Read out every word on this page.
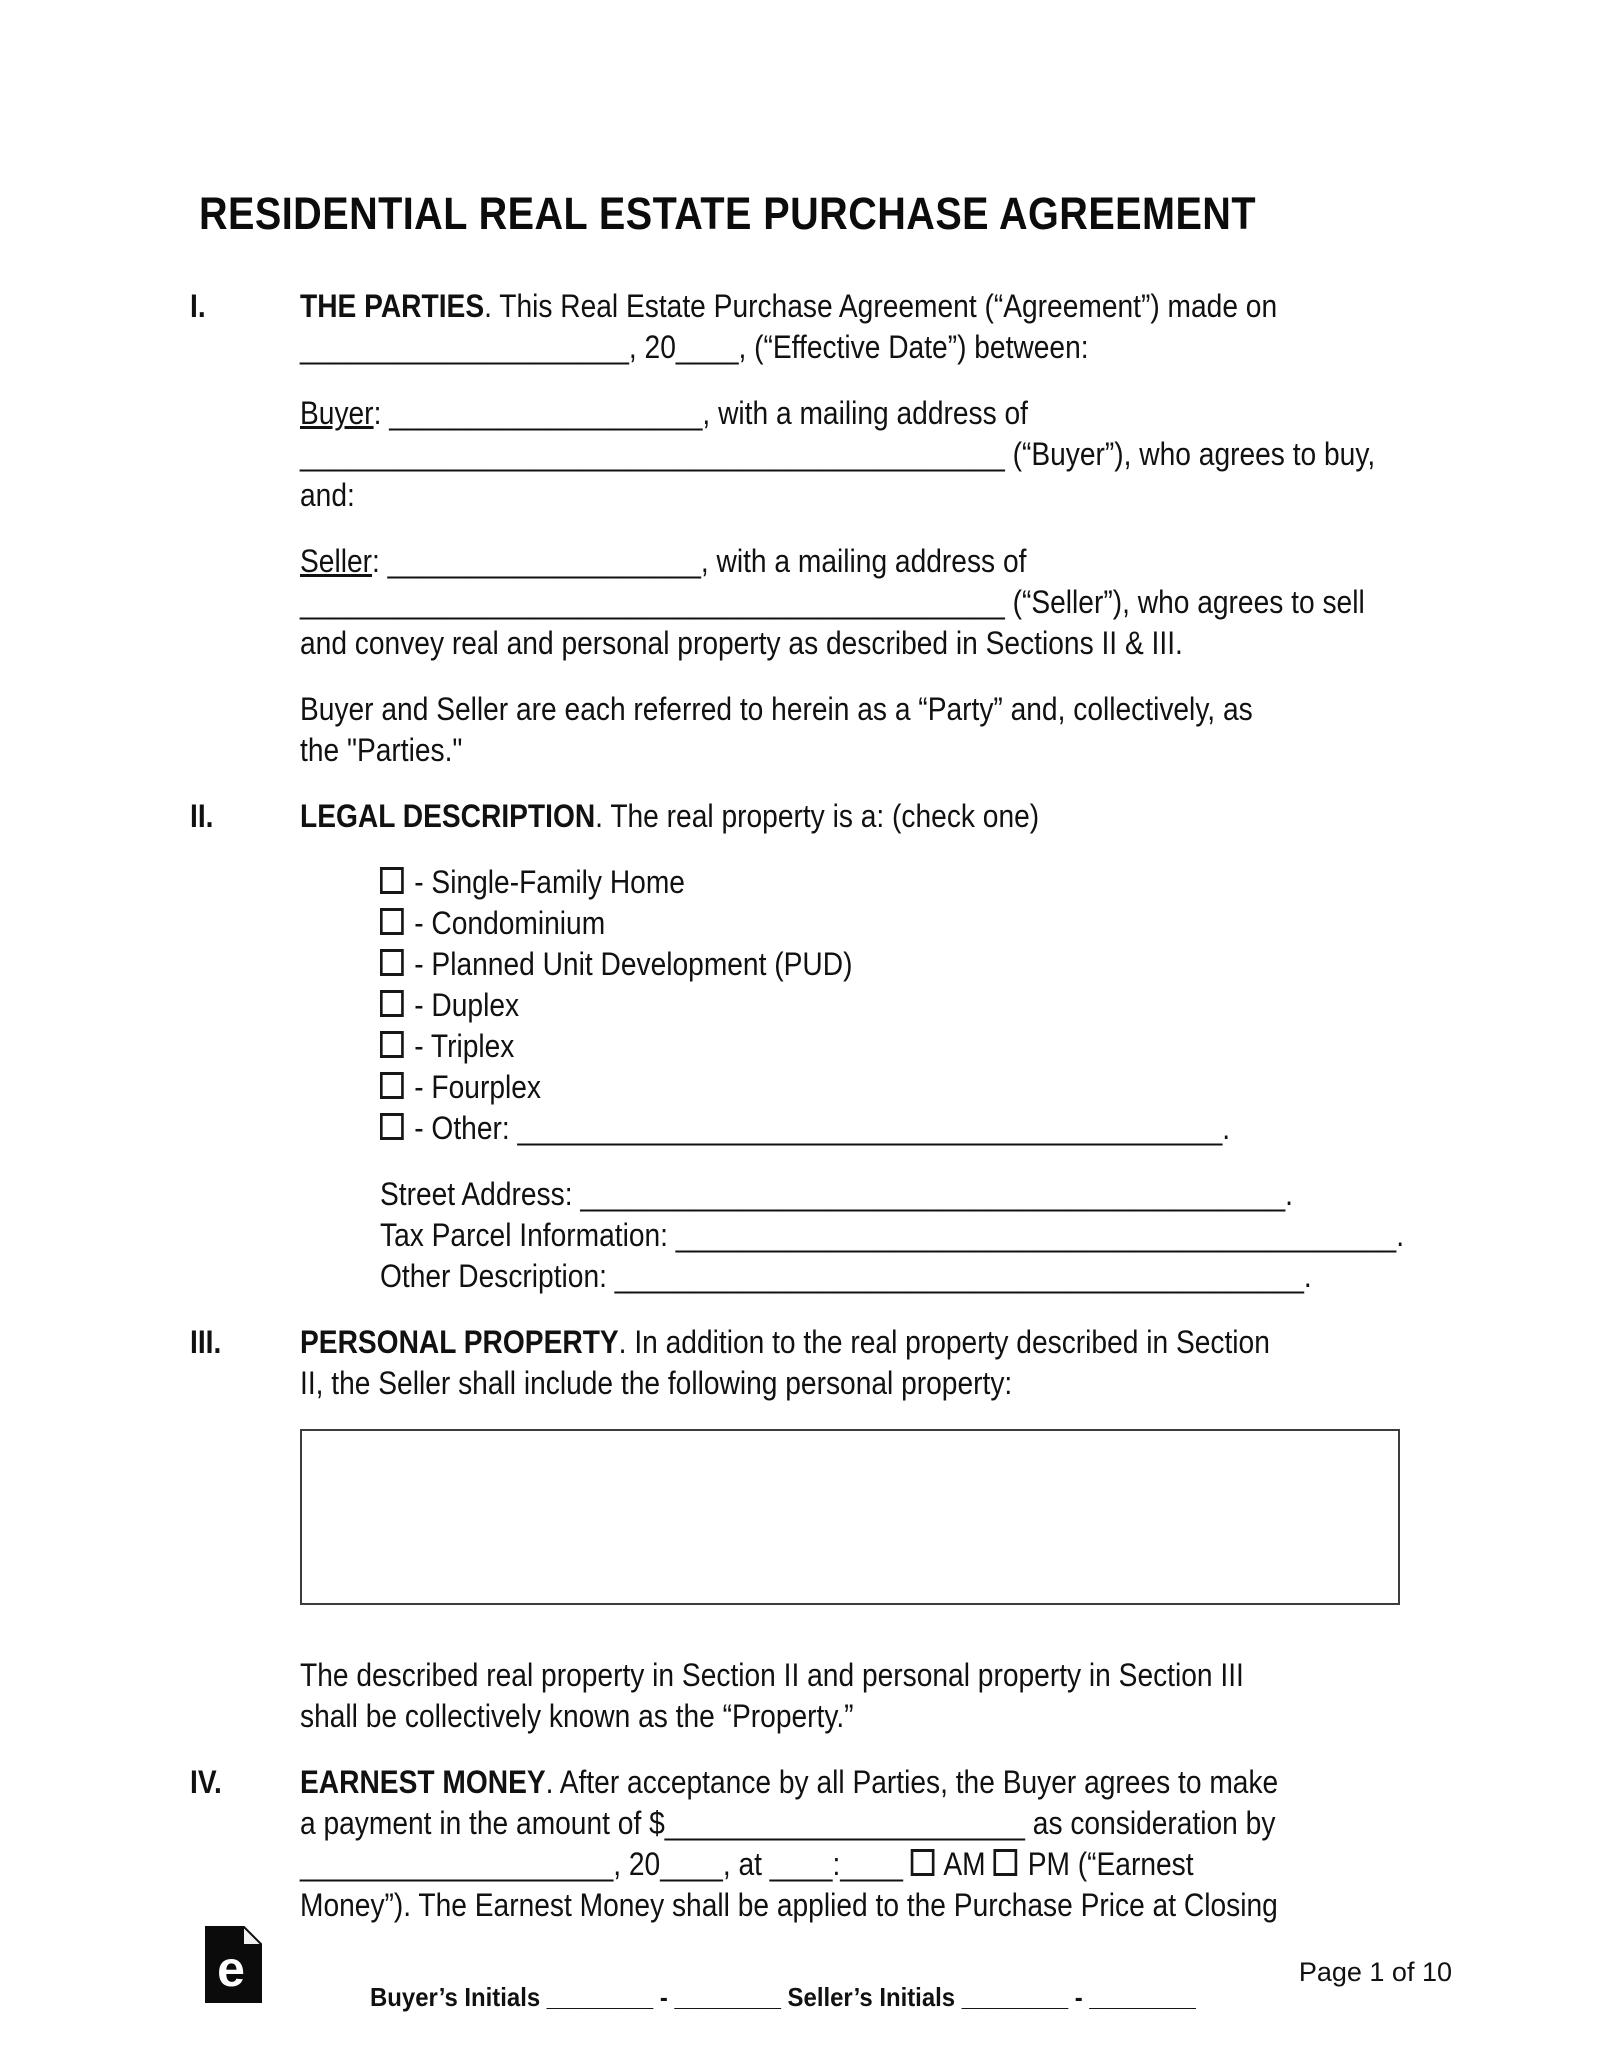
RESIDENTIAL REAL ESTATE PURCHASE AGREEMENT
I.	THE PARTIES. This Real Estate Purchase Agreement (“Agreement”) made on
_____________________, 20____, (“Effective Date”) between:
Buyer: ____________________, with a mailing address of
_____________________________________________ (“Buyer”), who agrees to buy,
and:
Seller: ____________________, with a mailing address of
_____________________________________________ (“Seller”), who agrees to sell
and convey real and personal property as described in Sections II & III.
Buyer and Seller are each referred to herein as a “Party” and, collectively, as
the "Parties."
II.	LEGAL DESCRIPTION. The real property is a: (check one)
- Single-Family Home
- Condominium
- Planned Unit Development (PUD)
- Duplex
- Triplex
- Fourplex
- Other: _____________________________________________.
Street Address: _____________________________________________.
Tax Parcel Information: ______________________________________________.
Other Description: ____________________________________________.
III.	PERSONAL PROPERTY. In addition to the real property described in Section
II, the Seller shall include the following personal property:
The described real property in Section II and personal property in Section III
shall be collectively known as the “Property.”
IV.	EARNEST MONEY. After acceptance by all Parties, the Buyer agrees to make
a payment in the amount of $_______________________ as consideration by
____________________, 20____, at ____:____  AM  PM (“Earnest
Money”). The Earnest Money shall be applied to the Purchase Price at Closing
e	Buyer’s Initials ________ - ________ Seller’s Initials ________ - ________
Page 1 of 10
